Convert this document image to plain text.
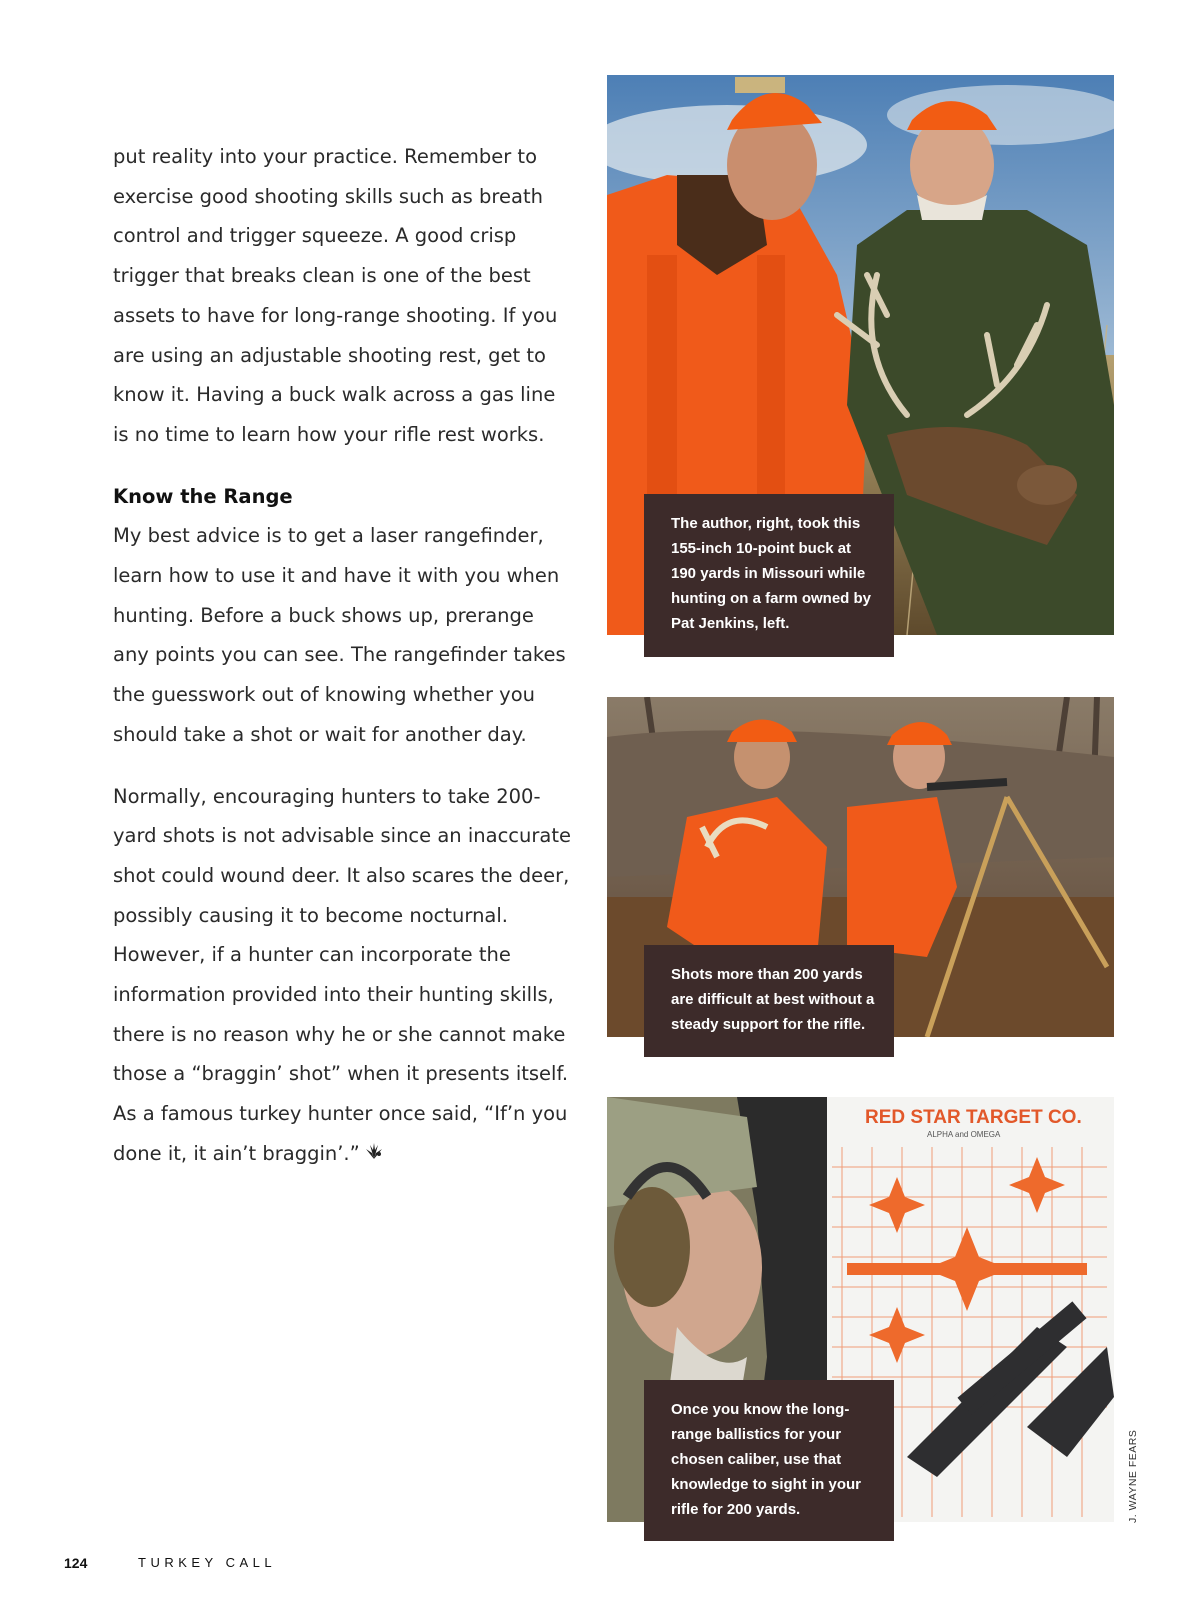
put reality into your practice. Remember to exercise good shooting skills such as breath control and trigger squeeze. A good crisp trigger that breaks clean is one of the best assets to have for long-range shooting. If you are using an adjustable shooting rest, get to know it. Having a buck walk across a gas line is no time to learn how your rifle rest works.

Know the Range

My best advice is to get a laser rangefinder, learn how to use it and have it with you when hunting. Before a buck shows up, prerange any points you can see. The rangefinder takes the guesswork out of knowing whether you should take a shot or wait for another day.

Normally, encouraging hunters to take 200-yard shots is not advisable since an inaccurate shot could wound deer. It also scares the deer, possibly causing it to become nocturnal. However, if a hunter can incorporate the information provided into their hunting skills, there is no reason why he or she cannot make those a “braggin’ shot” when it presents itself. As a famous turkey hunter once said, “If’n you done it, it ain’t braggin’.”

The author, right, took this 155-inch 10-point buck at 190 yards in Missouri while hunting on a farm owned by Pat Jenkins, left.
Shots more than 200 yards are difficult at best without a steady support for the rifle.
RED STAR TARGET CO.
ALPHA and OMEGA
Once you know the long-range ballistics for your chosen caliber, use that knowledge to sight in your rifle for 200 yards.	J. WAYNE FEARS
124	TURKEY CALL
